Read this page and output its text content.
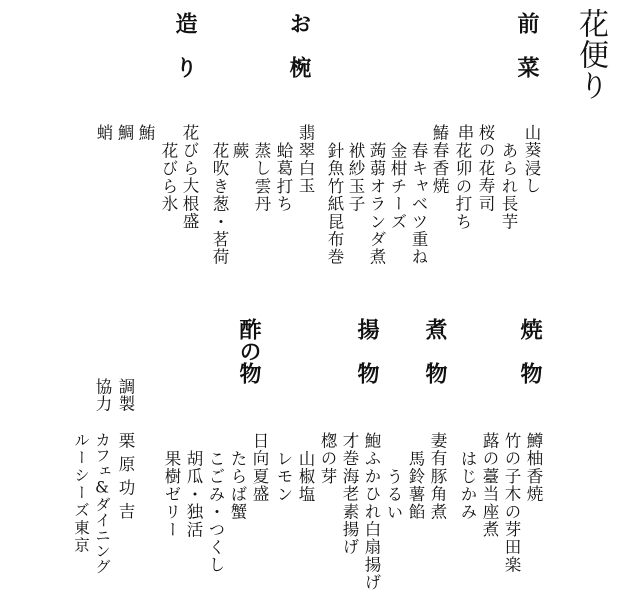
花便り
前　菜
山葵浸し
あられ長芋
桜の花寿司
花卯の打ち
串
お　椀
鰆春香焼
春キャベツ重ね
金柑チーズ
蒟蒻オランダ煮
袱紗玉子
針魚竹紙昆布巻
翡翠白玉
蛤葛打ち
蒸し雲丹
蕨
花吹き葱・茗荷
造　り
鮪
鯛
蛸	花びら大根盛
花びら氷
焼　物
鱒柚香焼
竹の子木の芽田楽
蕗の薹当座煮
はじかみ
煮　物
妻有豚角煮
馬鈴薯餡
うるい
揚　物
鮑ふかひれ白扇揚げ
才巻海老素揚げ
楤の芽
山椒塩
レモン
酢の物
日向夏盛
たらば蟹
こごみ・つくし
胡瓜・独活
果樹ゼリー
調製
協力
栗原功吉
カフェ&ダイニング
ルーシーズ東京
